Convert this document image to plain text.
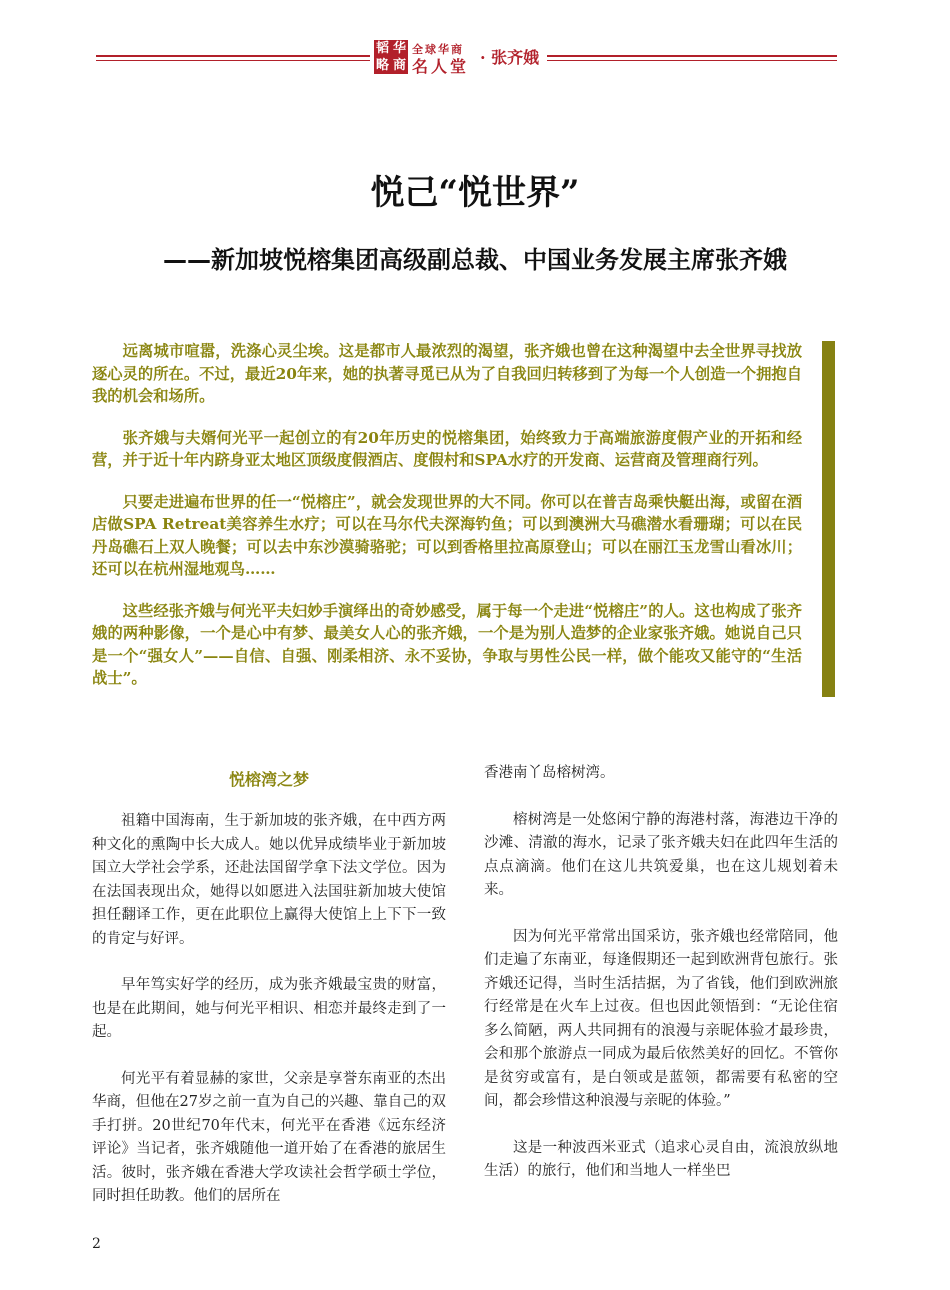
韬 华
略 商
全球华商
名人堂 · 张齐娥
悦己“悦世界”
——新加坡悦榕集团高级副总裁、中国业务发展主席张齐娥

远离城市喧嚣，洗涤心灵尘埃。这是都市人最浓烈的渴望，张齐娥也曾在这种渴望中去全世界寻找放逐心灵的所在。不过，最近20年来，她的执著寻觅已从为了自我回归转移到了为每一个人创造一个拥抱自我的机会和场所。

张齐娥与夫婿何光平一起创立的有20年历史的悦榕集团，始终致力于高端旅游度假产业的开拓和经营，并于近十年内跻身亚太地区顶级度假酒店、度假村和SPA水疗的开发商、运营商及管理商行列。

只要走进遍布世界的任一“悦榕庄”，就会发现世界的大不同。你可以在普吉岛乘快艇出海，或留在酒店做SPA Retreat美容养生水疗；可以在马尔代夫深海钓鱼；可以到澳洲大马礁潜水看珊瑚；可以在民丹岛礁石上双人晚餐；可以去中东沙漠骑骆驼；可以到香格里拉高原登山；可以在丽江玉龙雪山看冰川；还可以在杭州湿地观鸟……

这些经张齐娥与何光平夫妇妙手演绎出的奇妙感受，属于每一个走进“悦榕庄”的人。这也构成了张齐娥的两种影像，一个是心中有梦、最美女人心的张齐娥，一个是为别人造梦的企业家张齐娥。她说自己只是一个“强女人”——自信、自强、刚柔相济、永不妥协，争取与男性公民一样，做个能攻又能守的“生活战士”。

悦榕湾之梦

祖籍中国海南，生于新加坡的张齐娥，在中西方两种文化的熏陶中长大成人。她以优异成绩毕业于新加坡国立大学社会学系，还赴法国留学拿下法文学位。因为在法国表现出众，她得以如愿进入法国驻新加坡大使馆担任翻译工作，更在此职位上赢得大使馆上上下下一致的肯定与好评。

早年笃实好学的经历，成为张齐娥最宝贵的财富，也是在此期间，她与何光平相识、相恋并最终走到了一起。

何光平有着显赫的家世，父亲是享誉东南亚的杰出华商，但他在27岁之前一直为自己的兴趣、靠自己的双手打拼。20世纪70年代末，何光平在香港《远东经济评论》当记者，张齐娥随他一道开始了在香港的旅居生活。彼时，张齐娥在香港大学攻读社会哲学硕士学位，同时担任助教。他们的居所在

香港南丫岛榕树湾。

榕树湾是一处悠闲宁静的海港村落，海港边干净的沙滩、清澈的海水，记录了张齐娥夫妇在此四年生活的点点滴滴。他们在这儿共筑爱巢，也在这儿规划着未来。

因为何光平常常出国采访，张齐娥也经常陪同，他们走遍了东南亚，每逢假期还一起到欧洲背包旅行。张齐娥还记得，当时生活拮据，为了省钱，他们到欧洲旅行经常是在火车上过夜。但也因此领悟到：“无论住宿多么简陋，两人共同拥有的浪漫与亲昵体验才最珍贵，会和那个旅游点一同成为最后依然美好的回忆。不管你是贫穷或富有，是白领或是蓝领，都需要有私密的空间，都会珍惜这种浪漫与亲昵的体验。”

这是一种波西米亚式（追求心灵自由，流浪放纵地生活）的旅行，他们和当地人一样坐巴

2
